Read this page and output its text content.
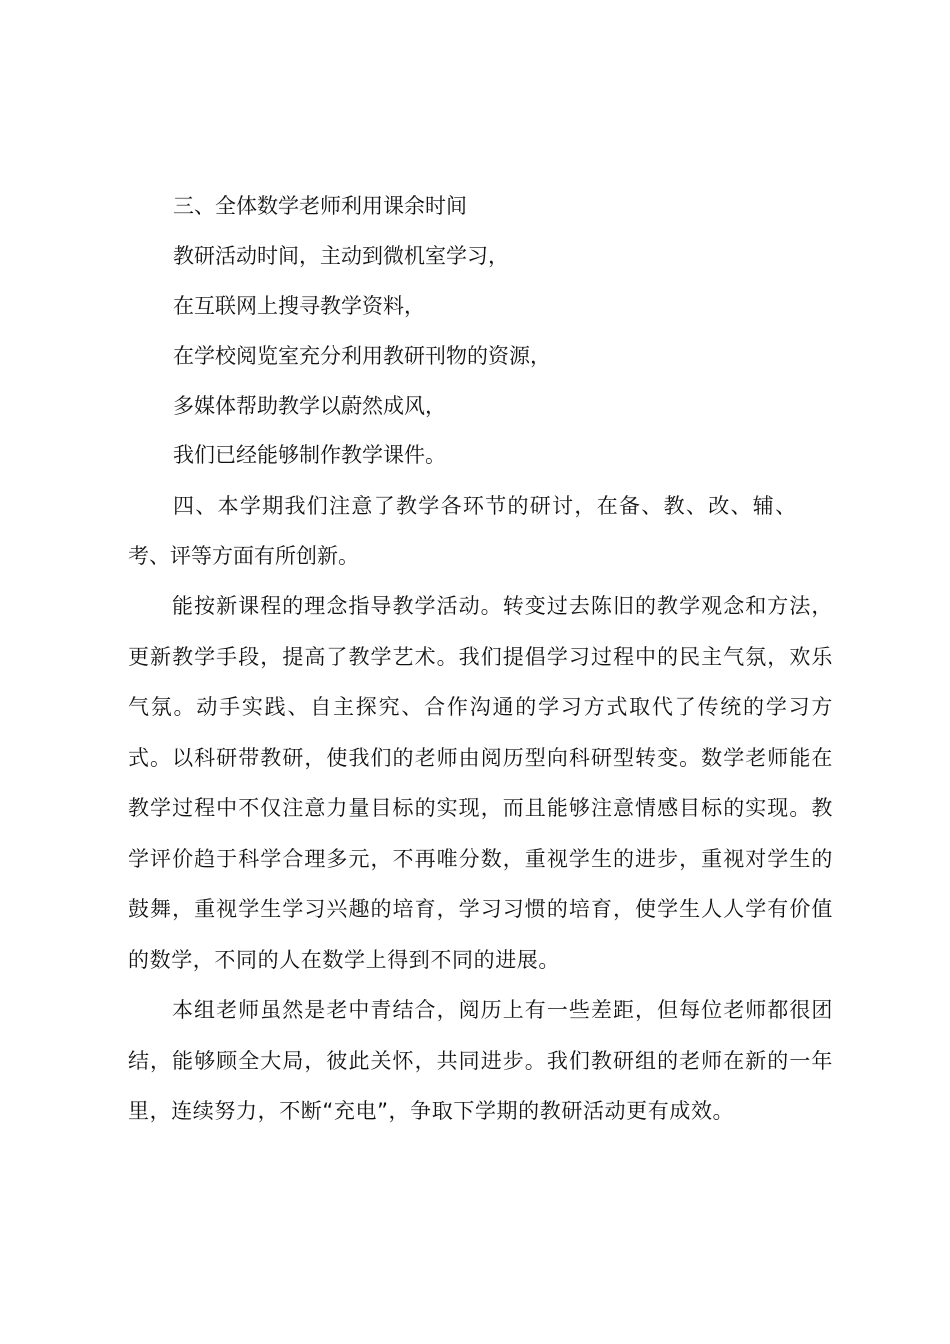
三、全体数学老师利用课余时间
教研活动时间，主动到微机室学习，
在互联网上搜寻教学资料，
在学校阅览室充分利用教研刊物的资源，
多媒体帮助教学以蔚然成风，
我们已经能够制作教学课件。
四、本学期我们注意了教学各环节的研讨，在备、教、改、辅、
考、评等方面有所创新。
能按新课程的理念指导教学活动。转变过去陈旧的教学观念和方法，更新教学手段，提高了教学艺术。我们提倡学习过程中的民主气氛，欢乐气氛。动手实践、自主探究、合作沟通的学习方式取代了传统的学习方式。以科研带教研，使我们的老师由阅历型向科研型转变。数学老师能在教学过程中不仅注意力量目标的实现，而且能够注意情感目标的实现。教学评价趋于科学合理多元，不再唯分数，重视学生的进步，重视对学生的鼓舞，重视学生学习兴趣的培育，学习习惯的培育，使学生人人学有价值的数学，不同的人在数学上得到不同的进展。
本组老师虽然是老中青结合，阅历上有一些差距，但每位老师都很团结，能够顾全大局，彼此关怀，共同进步。我们教研组的老师在新的一年里，连续努力，不断“充电”，争取下学期的教研活动更有成效。
